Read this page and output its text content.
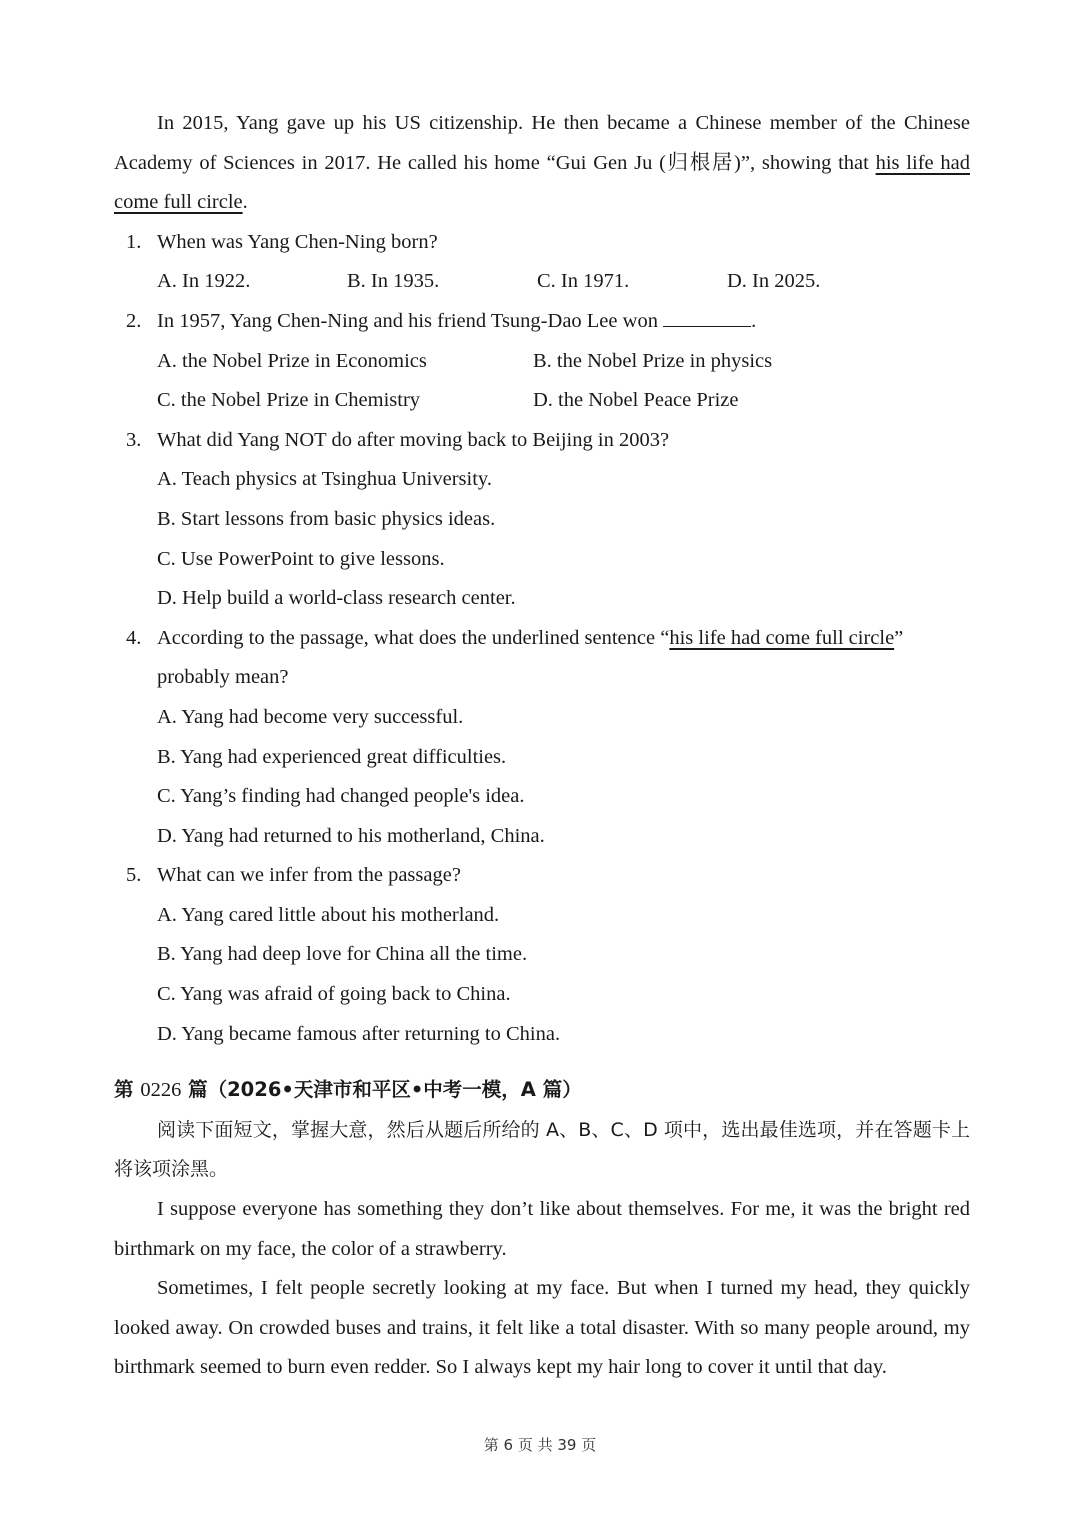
In 2015, Yang gave up his US citizenship. He then became a Chinese member of the Chinese Academy of Sciences in 2017. He called his home “Gui Gen Ju (归根居)”, showing that his life had come full circle.
1. When was Yang Chen-Ning born?
A. In 1922.	B. In 1935.	C. In 1971.	D. In 2025.
2. In 1957, Yang Chen-Ning and his friend Tsung-Dao Lee won	.
A. the Nobel Prize in Economics	B. the Nobel Prize in physics
C. the Nobel Prize in Chemistry	D. the Nobel Peace Prize
3. What did Yang NOT do after moving back to Beijing in 2003?
A. Teach physics at Tsinghua University.
B. Start lessons from basic physics ideas.
C. Use PowerPoint to give lessons.
D. Help build a world-class research center.
4. According to the passage, what does the underlined sentence “his life had come full circle”
probably mean?
A. Yang had become very successful.
B. Yang had experienced great difficulties.
C. Yang’s finding had changed people's idea.
D. Yang had returned to his motherland, China.
5. What can we infer from the passage?
A. Yang cared little about his motherland.
B. Yang had deep love for China all the time.
C. Yang was afraid of going back to China.
D. Yang became famous after returning to China.
第 0226 篇（2026•天津市和平区•中考一模，A 篇）
阅读下面短文，掌握大意，然后从题后所给的 A、B、C、D 项中，选出最佳选项，并在答题卡上将该项涂黑。
I suppose everyone has something they don’t like about themselves. For me, it was the bright red birthmark on my face, the color of a strawberry.
Sometimes, I felt people secretly looking at my face. But when I turned my head, they quickly looked away. On crowded buses and trains, it felt like a total disaster. With so many people around, my birthmark seemed to burn even redder. So I always kept my hair long to cover it until that day.
第 6 页 共 39 页
